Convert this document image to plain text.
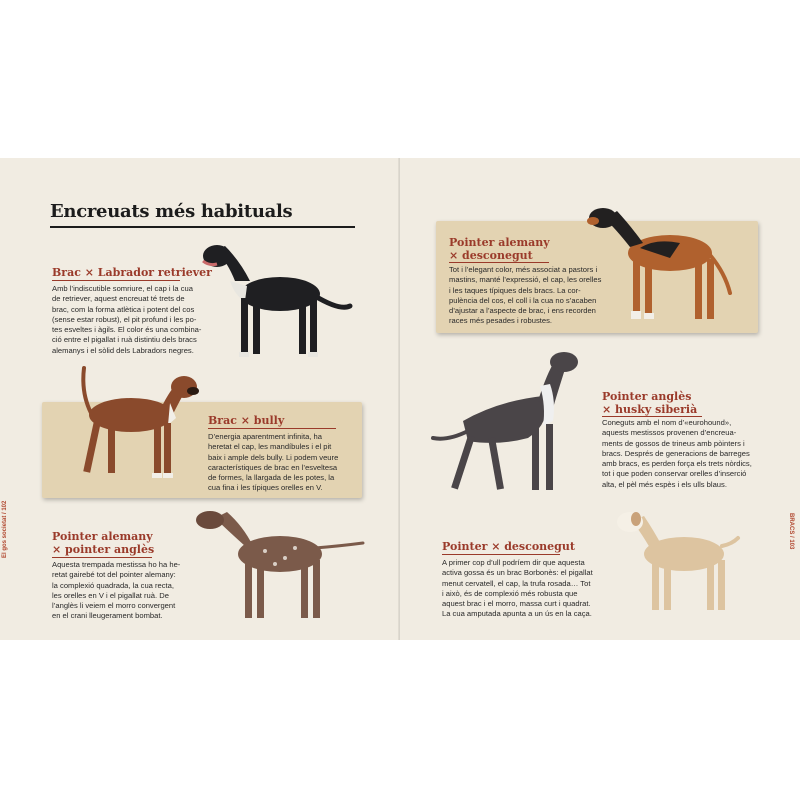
Encreuats més habituals
Brac × Labrador retriever
Amb l’indiscutible somriure, el cap i la cua
de retriever, aquest encreuat té trets de
brac, com la forma atlètica i potent del cos
(sense estar robust), el pit profund i les po-
tes esveltes i àgils. El color és una combina-
ció entre el pigallat i ruà distintiu dels bracs
alemanys i el sòlid dels Labradors negres.
Brac × bully
D’energia aparentment infinita, ha
heretat el cap, les mandíbules i el pit
baix i ample dels bully. Li podem veure
característiques de brac en l’esveltesa
de formes, la llargada de les potes, la
cua fina i les típiques orelles en V.
Pointer alemany
× pointer anglès
Aquesta trempada mestissa ho ha he-
retat gairebé tot del pointer alemany:
la complexió quadrada, la cua recta,
les orelles en V i el pigallat ruà. De
l’anglès li veiem el morro convergent
en el crani lleugerament bombat.
El gos societat / 102
Pointer alemany
× desconegut
Tot i l’elegant color, més associat a pastors i
mastins, manté l’expressió, el cap, les orelles
i les taques típiques dels bracs. La cor-
pulència del cos, el coll i la cua no s’acaben
d’ajustar a l’aspecte de brac, i ens recorden
races més pesades i robustes.
Pointer anglès
× husky siberià
Coneguts amb el nom d’«eurohound»,
aquests mestissos provenen d’encreua-
ments de gossos de trineus amb pòinters i
bracs. Després de generacions de barreges
amb bracs, es perden força els trets nòrdics,
tot i que poden conservar orelles d’inserció
alta, el pèl més espès i els ulls blaus.
Pointer × desconegut
A primer cop d’ull podríem dir que aquesta
activa gossa és un brac Borbonès: el pigallat
menut cervatell, el cap, la trufa rosada… Tot
i això, és de complexió més robusta que
aquest brac i el morro, massa curt i quadrat.
La cua amputada apunta a un ús en la caça.
BRACS / 103
